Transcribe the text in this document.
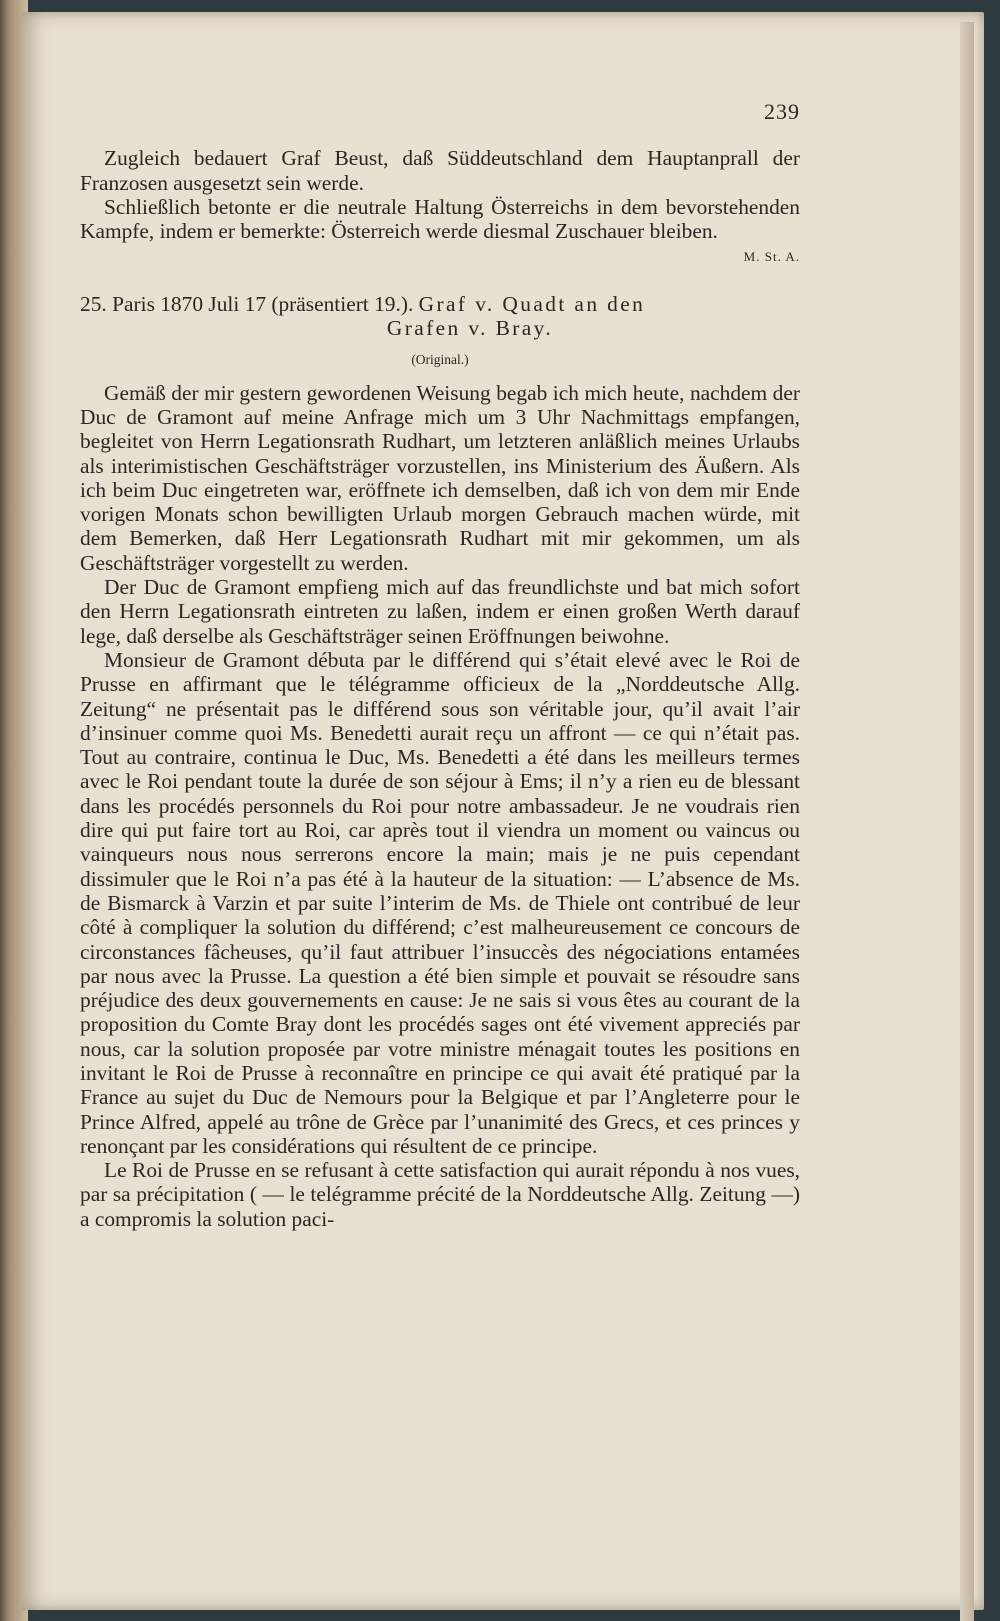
239

Zugleich bedauert Graf Beust, daß Süddeutschland dem Hauptanprall der Franzosen ausgesetzt sein werde.

Schließlich betonte er die neutrale Haltung Österreichs in dem bevorstehenden Kampfe, indem er bemerkte: Österreich werde diesmal Zuschauer bleiben.

M. St. A.

25. Paris 1870 Juli 17 (präsentiert 19.). Graf v. Quadt an den

Grafen v. Bray.
(Original.)

Gemäß der mir gestern gewordenen Weisung begab ich mich heute, nachdem der Duc de Gramont auf meine Anfrage mich um 3 Uhr Nachmittags empfangen, begleitet von Herrn Legationsrath Rudhart, um letzteren anläßlich meines Urlaubs als interimistischen Geschäftsträger vorzustellen, ins Ministerium des Äußern. Als ich beim Duc eingetreten war, eröffnete ich demselben, daß ich von dem mir Ende vorigen Monats schon bewilligten Urlaub morgen Gebrauch machen würde, mit dem Bemerken, daß Herr Legationsrath Rudhart mit mir gekommen, um als Geschäftsträger vorgestellt zu werden.

Der Duc de Gramont empfieng mich auf das freundlichste und bat mich sofort den Herrn Legationsrath eintreten zu laßen, indem er einen großen Werth darauf lege, daß derselbe als Geschäftsträger seinen Eröffnungen beiwohne.

Monsieur de Gramont débuta par le différend qui s’était elevé avec le Roi de Prusse en affirmant que le télégramme officieux de la „Norddeutsche Allg. Zeitung“ ne présentait pas le différend sous son véritable jour, qu’il avait l’air d’insinuer comme quoi Ms. Benedetti aurait reçu un affront — ce qui n’était pas. Tout au contraire, continua le Duc, Ms. Benedetti a été dans les meilleurs termes avec le Roi pendant toute la durée de son séjour à Ems; il n’y a rien eu de blessant dans les procédés personnels du Roi pour notre ambassadeur. Je ne voudrais rien dire qui put faire tort au Roi, car après tout il viendra un moment ou vaincus ou vainqueurs nous nous serrerons encore la main; mais je ne puis cependant dissimuler que le Roi n’a pas été à la hauteur de la situation: — L’absence de Ms. de Bismarck à Varzin et par suite l’interim de Ms. de Thiele ont contribué de leur côté à compliquer la solution du différend; c’est malheureusement ce concours de circonstances fâcheuses, qu’il faut attribuer l’insuccès des négociations entamées par nous avec la Prusse. La question a été bien simple et pouvait se résoudre sans préjudice des deux gouvernements en cause: Je ne sais si vous êtes au courant de la proposition du Comte Bray dont les procédés sages ont été vivement appreciés par nous, car la solution proposée par votre ministre ménagait toutes les positions en invitant le Roi de Prusse à reconnaître en principe ce qui avait été pratiqué par la France au sujet du Duc de Nemours pour la Belgique et par l’Angleterre pour le Prince Alfred, appelé au trône de Grèce par l’unanimité des Grecs, et ces princes y renonçant par les considérations qui résultent de ce principe.

Le Roi de Prusse en se refusant à cette satisfaction qui aurait répondu à nos vues, par sa précipitation ( — le telégramme précité de la Norddeutsche Allg. Zeitung —) a compromis la solution paci-
